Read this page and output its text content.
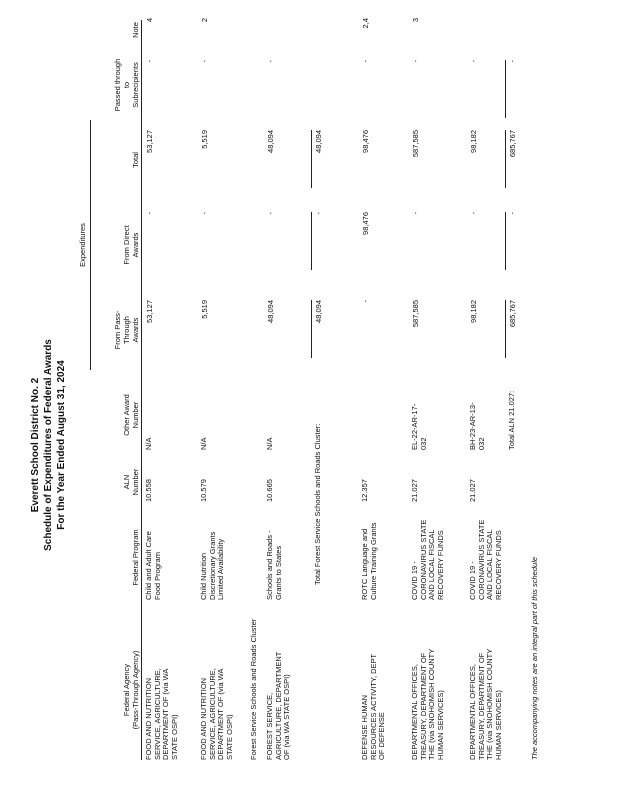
Everett School District No. 2 Schedule of Expenditures of Federal Awards For the Year Ended August 31, 2024
Expenditures
Federal Agency (Pass-Through Agency)
Federal Program
ALN Number
Other Award Number
From Pass- Through Awards
From Direct Awards
Total
Passed through to Subrecipients
Note
FOOD AND NUTRITION SERVICE, AGRICULTURE, DEPARTMENT OF (via WA STATE OSPI)
Child and Adult Care Food Program
10.558
N/A
53,127
-
53,127
-
4
FOOD AND NUTRITION SERVICE, AGRICULTURE, DEPARTMENT OF (via WA STATE OSPI)
Child Nutrition Discretionary Grants Limited Availability
10.579
N/A
5,519
-
5,519
-
2
FOREST SERVICE, AGRICULTURE, DEPARTMENT OF (via WA STATE OSPI)
Schools and Roads - Grants to States
10.665
N/A
48,094
-
48,094
-
DEFENSE HUMAN RESOURCES ACTIVITY, DEPT OF DEFENSE
ROTC Language and Culture Training Grants
12.357
-
98,476
98,476
-
2,4
DEPARTMENTAL OFFICES, TREASURY, DEPARTMENT OF THE (via SNOHOMISH COUNTY HUMAN SERVICES)
COVID 19 - CORONAVIRUS STATE AND LOCAL FISCAL RECOVERY FUNDS
21.027
EL-22-AR-17- 032
587,585
-
587,585
-
3
DEPARTMENTAL OFFICES, TREASURY, DEPARTMENT OF THE (via SNOHOMISH COUNTY HUMAN SERVICES)
COVID 19 - CORONAVIRUS STATE AND LOCAL FISCAL RECOVERY FUNDS
21.027
BH-23-AR-13- 032
98,182
-
98,182
-
Forest Service Schools and Roads Cluster
Total Forest Service Schools and Roads Cluster:
48,094
-
48,094
Total ALN 21.027:
685,767
-
685,767
-
The accompanying notes are an integral part of this schedule
